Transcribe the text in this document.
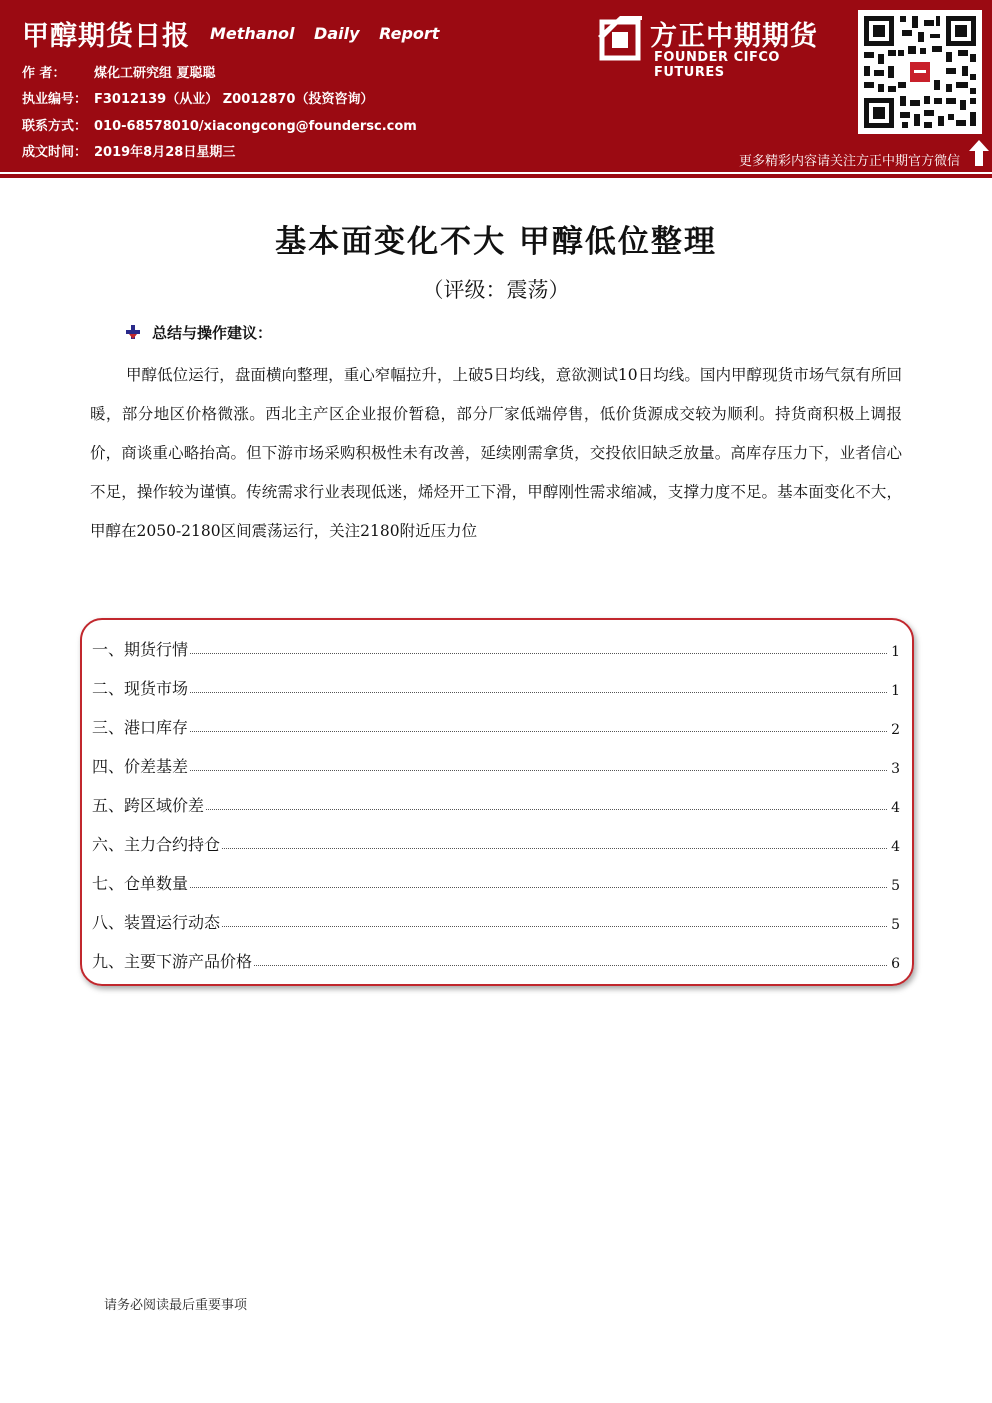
甲醇期货日报 Methanol Daily Report
作 者： 煤化工研究组 夏聪聪
执业编号： F3012139（从业） Z0012870（投资咨询）
联系方式： 010-68578010/xiacongcong@foundersc.com
成文时间： 2019年8月28日星期三
方正中期期货
FOUNDER CIFCO FUTURES
更多精彩内容请关注方正中期官方微信
基本面变化不大 甲醇低位整理
（评级：震荡）
总结与操作建议：
甲醇低位运行，盘面横向整理，重心窄幅拉升，上破5日均线，意欲测试10日均线。国内甲醇现货市场气氛有所回暖，部分地区价格微涨。西北主产区企业报价暂稳，部分厂家低端停售，低价货源成交较为顺利。持货商积极上调报价，商谈重心略抬高。但下游市场采购积极性未有改善，延续刚需拿货，交投依旧缺乏放量。高库存压力下，业者信心不足，操作较为谨慎。传统需求行业表现低迷，烯烃开工下滑，甲醇刚性需求缩减，支撑力度不足。基本面变化不大，甲醇在2050-2180区间震荡运行，关注2180附近压力位
一、期货行情	1
二、现货市场	1
三、港口库存	2
四、价差基差	3
五、跨区域价差	4
六、主力合约持仓	4
七、仓单数量	5
八、装置运行动态	5
九、主要下游产品价格	6
请务必阅读最后重要事项
